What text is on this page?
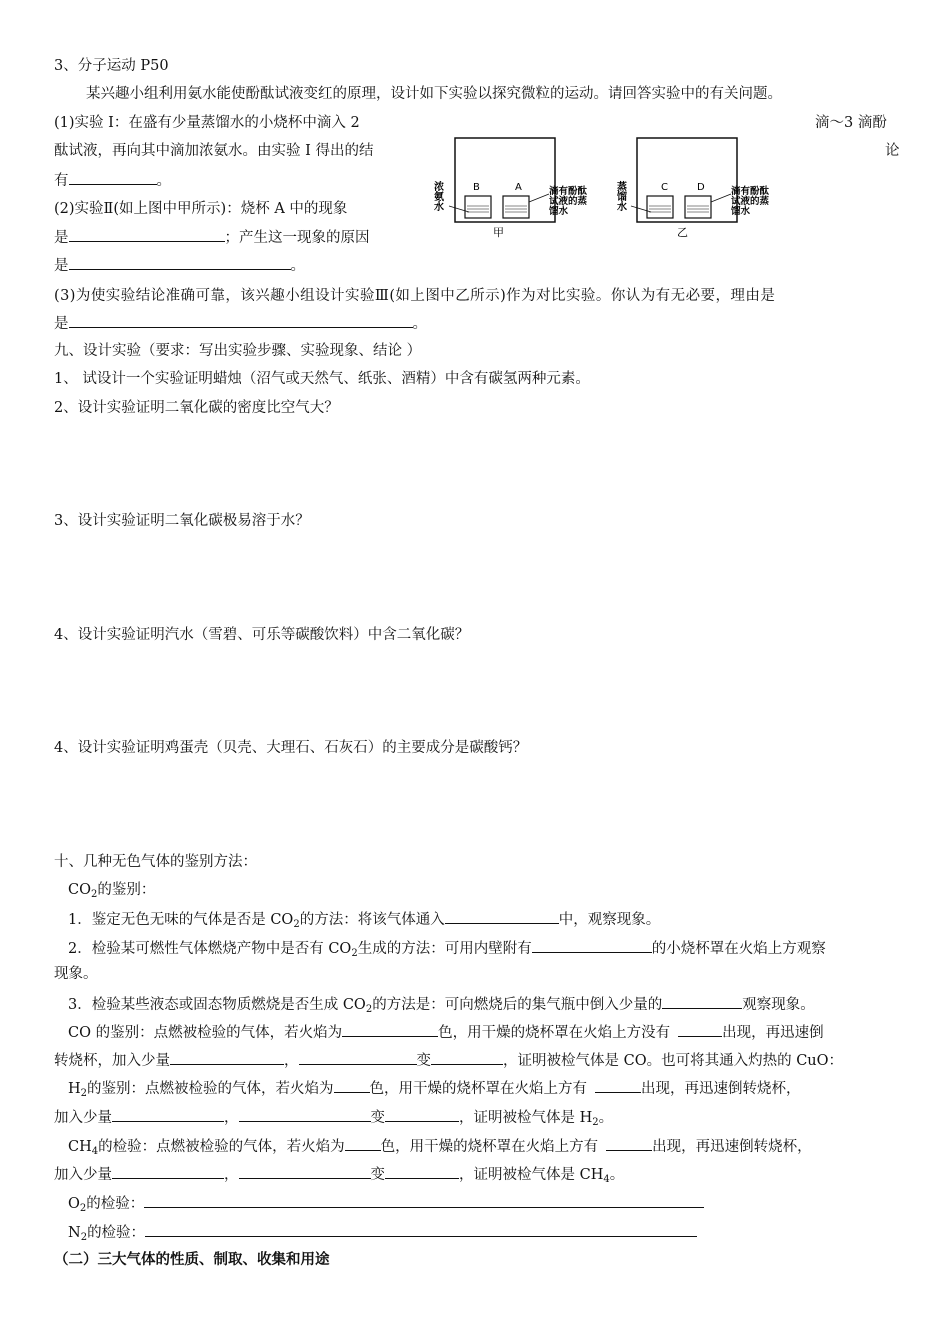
3、分子运动 P50
某兴趣小组利用氨水能使酚酞试液变红的原理，设计如下实验以探究微粒的运动。请回答实验中的有关问题。
(1)实验 I：在盛有少量蒸馏水的小烧杯中滴入 2	滴～3 滴酚
酞试液，再向其中滴加浓氨水。由实验 I 得出的结	论
有	。
(2)实验Ⅱ(如上图中甲所示)：烧杯 A 中的现象
是	；产生这一现象的原因
是	。
浓
氨
水
B	A	滴有酚酞
试液的蒸
馏水
甲
蒸
馏
水
C	D	滴有酚酞
试液的蒸
馏水
乙
(3)为使实验结论准确可靠，该兴趣小组设计实验Ⅲ(如上图中乙所示)作为对比实验。你认为有无必要，理由是
是	。
九、设计实验（要求：写出实验步骤、实验现象、结论 ）
1、 试设计一个实验证明蜡烛（沼气或天然气、纸张、酒精）中含有碳氢两种元素。
2、设计实验证明二氧化碳的密度比空气大？
3、设计实验证明二氧化碳极易溶于水？
4、设计实验证明汽水（雪碧、可乐等碳酸饮料）中含二氧化碳？
4、设计实验证明鸡蛋壳（贝壳、大理石、石灰石）的主要成分是碳酸钙？
十、几种无色气体的鉴别方法：
$CO_2$的鉴别：
1．鉴定无色无味的气体是否是 $CO_2$的方法：将该气体通入	中，观察现象。
2．检验某可燃性气体燃烧产物中是否有 $CO_2$生成的方法：可用内壁附有	的小烧杯罩在火焰上方观察
现象。
3．检验某些液态或固态物质燃烧是否生成 $CO_2$的方法是：可向燃烧后的集气瓶中倒入少量的	观察现象。
CO 的鉴别：点燃被检验的气体，若火焰为	色，用干燥的烧杯罩在火焰上方没有	出现，再迅速倒
转烧杯，加入少量	，	变	，证明被检气体是 CO。也可将其通入灼热的 CuO：
$H_2$的鉴别：点燃被检验的气体，若火焰为 色，用干燥的烧杯罩在火焰上方有	出现，再迅速倒转烧杯，
加入少量	，	变	，证明被检气体是 $H_2$。
$CH_4$的检验：点燃被检验的气体，若火焰为 色，用干燥的烧杯罩在火焰上方有	出现，再迅速倒转烧杯，
加入少量	，	变	，证明被检气体是 $CH_4$。
$O_2$的检验：
$N_2$的检验：
（二）三大气体的性质、制取、收集和用途
